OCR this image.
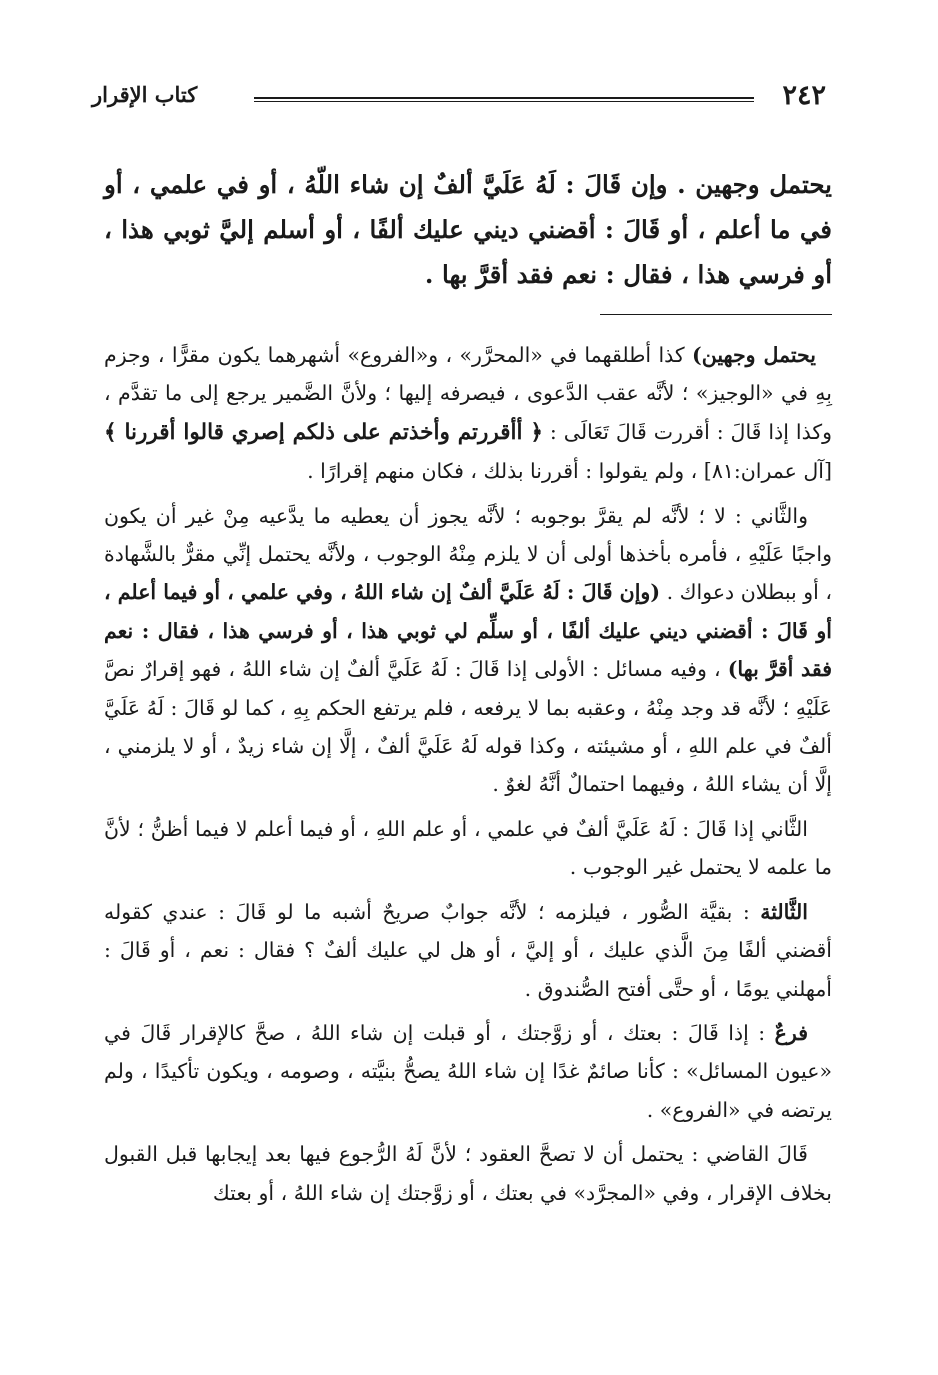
٢٤٢
كتاب الإقرار
يحتمل وجهين . وإن قَالَ : لَهُ عَلَيَّ ألفٌ إن شاء اللّهُ ، أو في علمي ، أو في ما أعلم ، أو قَالَ : أقضني ديني عليك ألفًا ، أو أسلم إليَّ ثوبي هذا ، أو فرسي هذا ، فقال : نعم فقد أقرَّ بها .

يحتمل وجهين) كذا أطلقهما في «المحرَّر» ، و«الفروع» أشهرهما يكون مقرًّا ، وجزم بِهِ في «الوجيز» ؛ لأنَّه عقب الدَّعوى ، فيصرفه إليها ؛ ولأنَّ الضَّمير يرجع إلى ما تقدَّم ، وكذا إذا قَالَ : أقررت قَالَ تَعَالَى : ﴿ أأقررتم وأخذتم على ذلكم إصري قالوا أقررنا ﴾ [آل عمران:٨١] ، ولم يقولوا : أقررنا بذلك ، فكان منهم إقرارًا .

والثَّاني : لا ؛ لأنَّه لم يقرَّ بوجوبه ؛ لأنَّه يجوز أن يعطيه ما يدَّعيه مِنْ غير أن يكون واجبًا عَلَيْهِ ، فأمره بأخذها أولى أن لا يلزم مِنْهُ الوجوب ، ولأنَّه يحتمل إنِّي مقرٌّ بالشَّهادة ، أو ببطلان دعواك . (وإن قَالَ : لَهُ عَلَيَّ ألفٌ إن شاء اللهُ ، وفي علمي ، أو فيما أعلم ، أو قَالَ : أقضني ديني عليك ألفًا ، أو سلِّم لي ثوبي هذا ، أو فرسي هذا ، فقال : نعم فقد أقرَّ بها) ، وفيه مسائل : الأولى إذا قَالَ : لَهُ عَلَيَّ ألفٌ إن شاء اللهُ ، فهو إقرارٌ نصَّ عَلَيْهِ ؛ لأنَّه قد وجد مِنْهُ ، وعقبه بما لا يرفعه ، فلم يرتفع الحكم بِهِ ، كما لو قَالَ : لَهُ عَلَيَّ ألفٌ في علم اللهِ ، أو مشيئته ، وكذا قوله لَهُ عَلَيَّ ألفٌ ، إلَّا إن شاء زيدٌ ، أو لا يلزمني ، إلَّا أن يشاء اللهُ ، وفيهما احتمالٌ أنَّهُ لغوٌ .

الثَّاني إذا قَالَ : لَهُ عَلَيَّ ألفٌ في علمي ، أو علم اللهِ ، أو فيما أعلم لا فيما أظنُّ ؛ لأنَّ ما علمه لا يحتمل غير الوجوب .

الثَّالثة : بقيَّة الصُّور ، فيلزمه ؛ لأنَّه جوابٌ صريحٌ أشبه ما لو قَالَ : عندي كقوله أقضني ألفًا مِنَ الَّذي عليك ، أو إليَّ ، أو هل لي عليك ألفٌ ؟ فقال : نعم ، أو قَالَ : أمهلني يومًا ، أو حتَّى أفتح الصُّندوق .

فرعٌ : إذا قَالَ : بعتك ، أو زوَّجتك ، أو قبلت إن شاء اللهُ ، صحَّ كالإقرار قَالَ في «عيون المسائل» : كأنا صائمٌ غدًا إن شاء اللهُ يصحُّ بنيَّته ، وصومه ، ويكون تأكيدًا ، ولم يرتضه في «الفروع» .

قَالَ القاضي : يحتمل أن لا تصحَّ العقود ؛ لأنَّ لَهُ الرُّجوع فيها بعد إيجابها قبل القبول بخلاف الإقرار ، وفي «المجرَّد» في بعتك ، أو زوَّجتك إن شاء اللهُ ، أو بعتك
